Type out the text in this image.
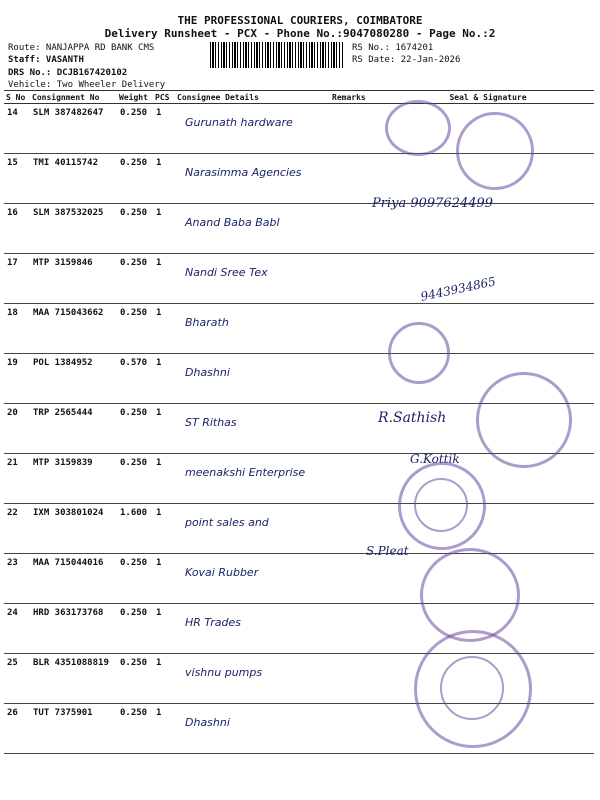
THE PROFESSIONAL COURIERS, COIMBATORE
Delivery Runsheet - PCX - Phone No.:9047080280 - Page No.:2
Route: NANJAPPA RD BANK CMS
Staff: VASANTH
DRS No.: DCJB167420102
Vehicle: Two Wheeler Delivery
RS No.: 1674201
RS Date: 22-Jan-2026
S No	Consignment No	Weight	PCS	Consignee Details	Remarks	Seal & Signature
14	SLM 387482647	0.250	1	Gurunath hardware		
15	TMI 40115742	0.250	1	Narasimma Agencies		
16	SLM 387532025	0.250	1	Anand Baba Babl		
17	MTP 3159846	0.250	1	Nandi Sree Tex		
18	MAA 715043662	0.250	1	Bharath		
19	POL 1384952	0.570	1	Dhashni		
20	TRP 2565444	0.250	1	ST Rithas		
21	MTP 3159839	0.250	1	meenakshi Enterprise		
22	IXM 303801024	1.600	1	point sales and		
23	MAA 715044016	0.250	1	Kovai Rubber		
24	HRD 363173768	0.250	1	HR Trades		
25	BLR 4351088819	0.250	1	vishnu pumps		
26	TUT 7375901	0.250	1	Dhashni		
Priya 9097624499
9443934865
R.Sathish
G.Kottik
S.Pleat
